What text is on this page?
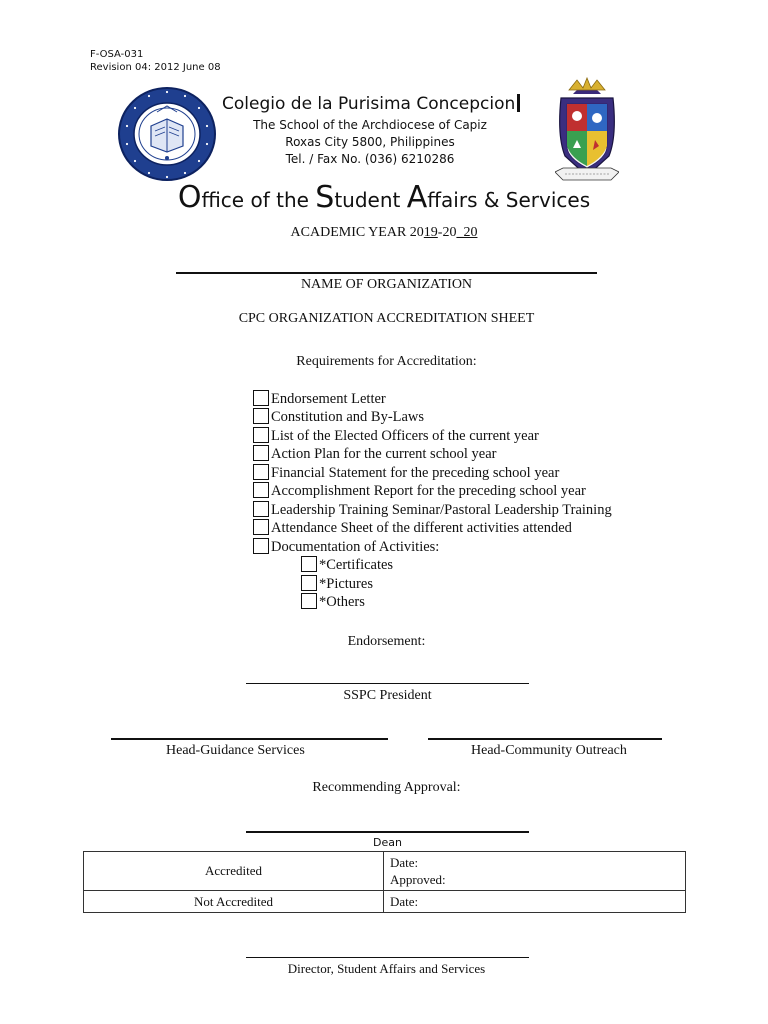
F-OSA-031
Revision 04: 2012 June 08
Colegio de la Purisima Concepcion
The School of the Archdiocese of Capiz
Roxas City 5800, Philippines
Tel. / Fax No. (036) 6210286
Office of the Student Affairs & Services
ACADEMIC YEAR 2019-20_20
NAME OF ORGANIZATION
CPC ORGANIZATION ACCREDITATION SHEET
Requirements for Accreditation:
Endorsement Letter
Constitution and By-Laws
List of the Elected Officers of the current year
Action Plan for the current school year
Financial Statement for the preceding school year
Accomplishment Report for the preceding school year
Leadership Training Seminar/Pastoral Leadership Training
Attendance Sheet of the different activities attended
Documentation of Activities:
*Certificates
*Pictures
*Others
Endorsement:
SSPC President
Head-Guidance Services	Head-Community Outreach
Recommending Approval:
Dean
Accredited	Date:
Approved:

Not Accredited	Date:
Director, Student Affairs and Services
